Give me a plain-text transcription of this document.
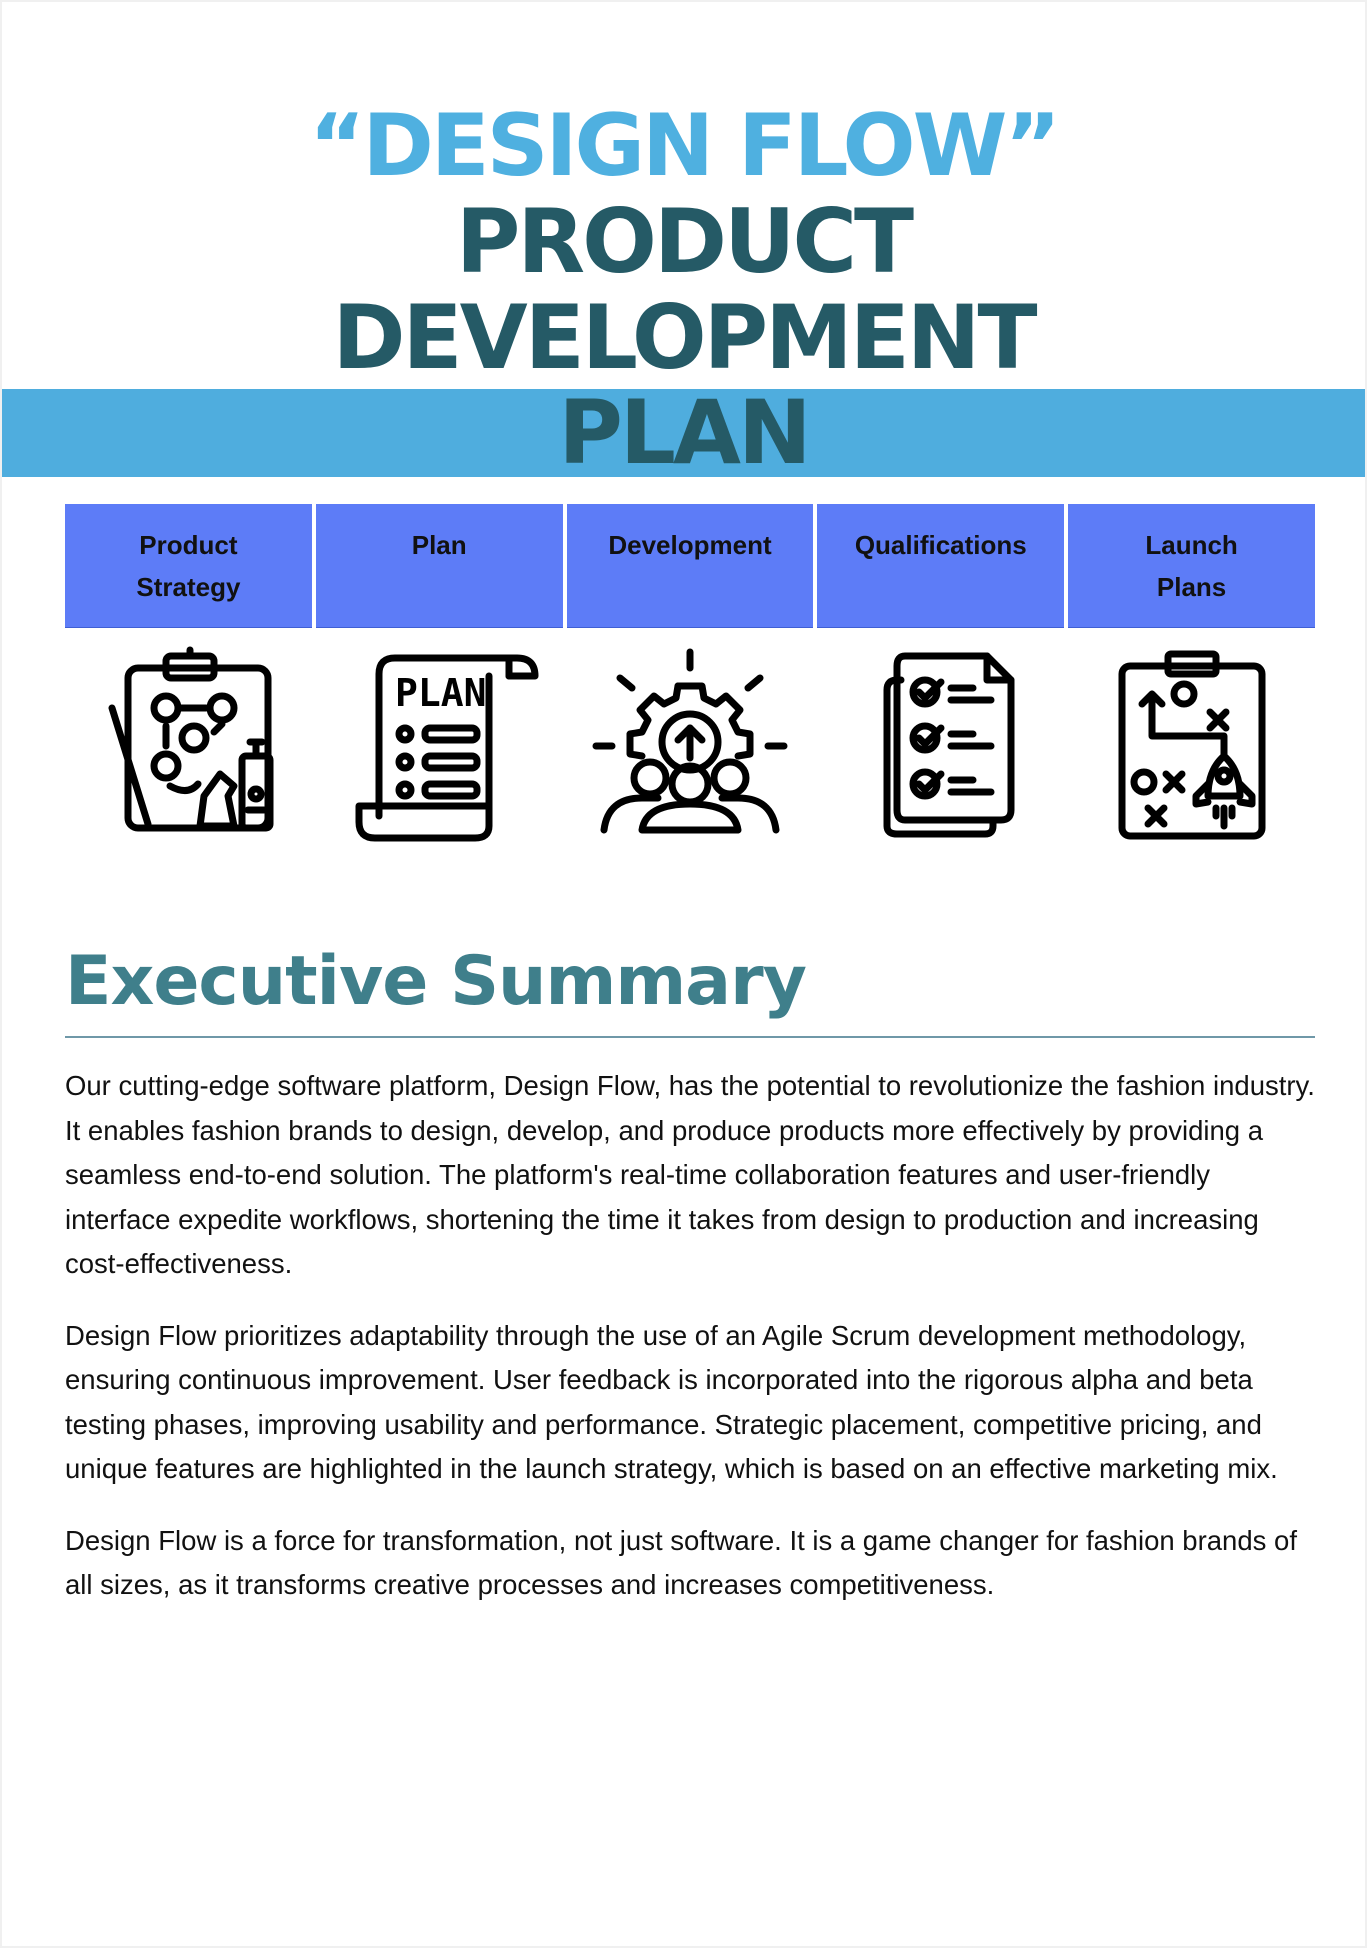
“DESIGN FLOW”
PRODUCT
DEVELOPMENT
PLAN
Product
Strategy
Plan
PLAN
Development	Qualifications	Launch
Plans
Executive Summary

Our cutting-edge software platform, Design Flow, has the potential to revolutionize the fashion industry. It enables fashion brands to design, develop, and produce products more effectively by providing a seamless end-to-end solution. The platform's real-time collaboration features and user-friendly interface expedite workflows, shortening the time it takes from design to production and increasing cost-effectiveness.

Design Flow prioritizes adaptability through the use of an Agile Scrum development methodology, ensuring continuous improvement. User feedback is incorporated into the rigorous alpha and beta testing phases, improving usability and performance. Strategic placement, competitive pricing, and unique features are highlighted in the launch strategy, which is based on an effective marketing mix.

Design Flow is a force for transformation, not just software. It is a game changer for fashion brands of all sizes, as it transforms creative processes and increases competitiveness.
